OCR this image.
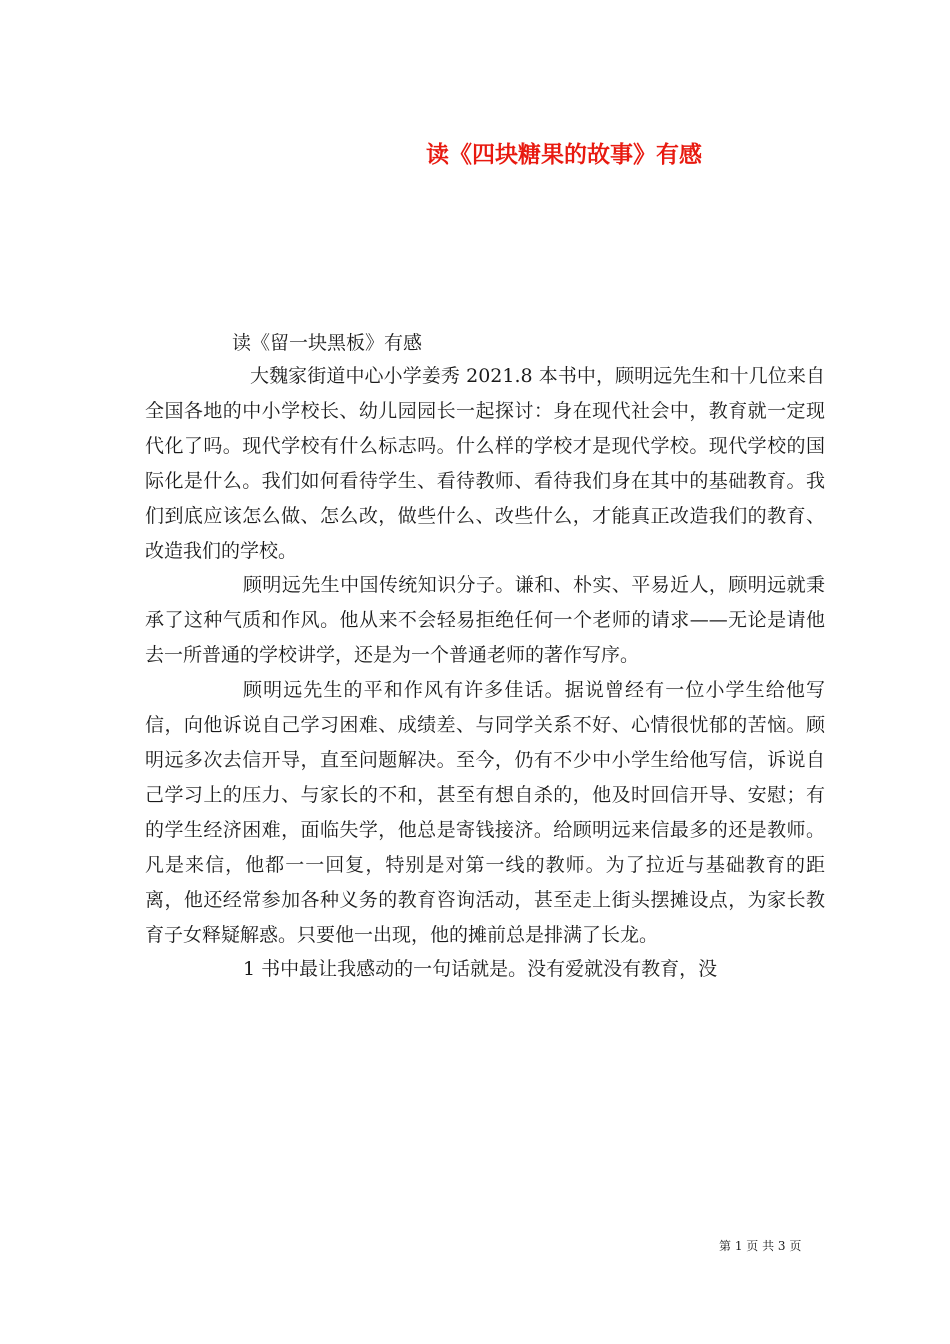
读《四块糖果的故事》有感

读《留一块黑板》有感

大魏家街道中心小学姜秀 2021.8 本书中，顾明远先生和十几位来自全国各地的中小学校长、幼儿园园长一起探讨：身在现代社会中，教育就一定现代化了吗。现代学校有什么标志吗。什么样的学校才是现代学校。现代学校的国际化是什么。我们如何看待学生、看待教师、看待我们身在其中的基础教育。我们到底应该怎么做、怎么改，做些什么、改些什么，才能真正改造我们的教育、改造我们的学校。

顾明远先生中国传统知识分子。谦和、朴实、平易近人，顾明远就秉承了这种气质和作风。他从来不会轻易拒绝任何一个老师的请求——无论是请他去一所普通的学校讲学，还是为一个普通老师的著作写序。

顾明远先生的平和作风有许多佳话。据说曾经有一位小学生给他写信，向他诉说自己学习困难、成绩差、与同学关系不好、心情很忧郁的苦恼。顾明远多次去信开导，直至问题解决。至今，仍有不少中小学生给他写信，诉说自己学习上的压力、与家长的不和，甚至有想自杀的，他及时回信开导、安慰；有的学生经济困难，面临失学，他总是寄钱接济。给顾明远来信最多的还是教师。凡是来信，他都一一回复，特别是对第一线的教师。为了拉近与基础教育的距离，他还经常参加各种义务的教育咨询活动，甚至走上街头摆摊设点，为家长教育子女释疑解惑。只要他一出现，他的摊前总是排满了长龙。

1 书中最让我感动的一句话就是。没有爱就没有教育，没

第 1 页 共 3 页
